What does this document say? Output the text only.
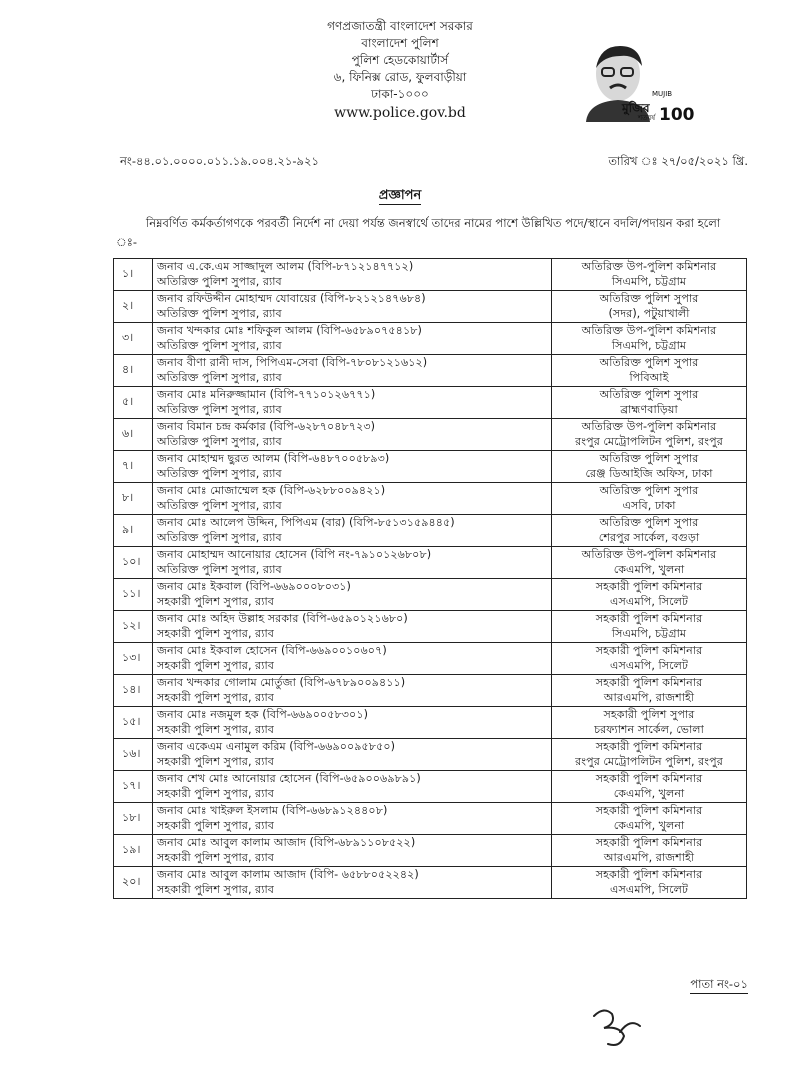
গণপ্রজাতন্ত্রী বাংলাদেশ সরকার
বাংলাদেশ পুলিশ
পুলিশ হেডকোয়ার্টার্স
৬, ফিনিক্স রোড, ফুলবাড়ীয়া
ঢাকা-১০০০
www.police.gov.bd	মুজিব
MUJIB
শতবর্ষ 100
নং-৪৪.০১.০০০০.০১১.১৯.০০৪.২১-৯২১	তারিখ ঃ ২৭/০৫/২০২১ খ্রি.
প্রজ্ঞাপন
নিম্নবর্ণিত কর্মকর্তাগণকে পরবর্তী নির্দেশ না দেয়া পর্যন্ত জনস্বার্থে তাদের নামের পাশে উল্লিখিত পদে/স্থানে বদলি/পদায়ন করা হলো ঃ-
১।	জনাব এ.কে.এম সাজ্জাদুল আলম (বিপি-৮৭১২১৪৭৭১২)
অতিরিক্ত পুলিশ সুপার, র‍্যাব	অতিরিক্ত উপ-পুলিশ কমিশনার
সিএমপি, চট্টগ্রাম

২।	জনাব রফিউদ্দীন মোহাম্মদ যোবায়ের (বিপি-৮২১২১৪৭৬৮৪)
অতিরিক্ত পুলিশ সুপার, র‍্যাব	অতিরিক্ত পুলিশ সুপার
(সদর), পটুয়াখালী

৩।	জনাব খন্দকার মোঃ শফিকুল আলম (বিপি-৬৫৮৯০৭৫৪১৮)
অতিরিক্ত পুলিশ সুপার, র‍্যাব	অতিরিক্ত উপ-পুলিশ কমিশনার
সিএমপি, চট্টগ্রাম

৪।	জনাব বীণা রানী দাস, পিপিএম-সেবা (বিপি-৭৮০৮১২১৬১২)
অতিরিক্ত পুলিশ সুপার, র‍্যাব	অতিরিক্ত পুলিশ সুপার
পিবিআই

৫।	জনাব মোঃ মনিরুজ্জামান (বিপি-৭৭১০১২৬৭৭১)
অতিরিক্ত পুলিশ সুপার, র‍্যাব	অতিরিক্ত পুলিশ সুপার
ব্রাহ্মণবাড়িয়া

৬।	জনাব বিমান চন্দ্র কর্মকার (বিপি-৬২৮৭০৪৮৭২৩)
অতিরিক্ত পুলিশ সুপার, র‍্যাব	অতিরিক্ত উপ-পুলিশ কমিশনার
রংপুর মেট্রোপলিটন পুলিশ, রংপুর

৭।	জনাব মোহাম্মদ ছুরত আলম (বিপি-৬৪৮৭০০৫৮৯৩)
অতিরিক্ত পুলিশ সুপার, র‍্যাব	অতিরিক্ত পুলিশ সুপার
রেঞ্জ ডিআইজি অফিস, ঢাকা

৮।	জনাব মোঃ মোজাম্মেল হক (বিপি-৬২৮৮০০৯৪২১)
অতিরিক্ত পুলিশ সুপার, র‍্যাব	অতিরিক্ত পুলিশ সুপার
এসবি, ঢাকা

৯।	জনাব মোঃ আলেপ উদ্দিন, পিপিএম (বার) (বিপি-৮৫১৩১৫৯৪৪৫)
অতিরিক্ত পুলিশ সুপার, র‍্যাব	অতিরিক্ত পুলিশ সুপার
শেরপুর সার্কেল, বগুড়া

১০।	জনাব মোহাম্মদ আনোয়ার হোসেন (বিপি নং-৭৯১০১২৬৮০৮)
অতিরিক্ত পুলিশ সুপার, র‍্যাব	অতিরিক্ত উপ-পুলিশ কমিশনার
কেএমপি, খুলনা

১১।	জনাব মোঃ ইকবাল (বিপি-৬৬৯০০০৮০৩১)
সহকারী পুলিশ সুপার, র‍্যাব	সহকারী পুলিশ কমিশনার
এসএমপি, সিলেট

১২।	জনাব মোঃ অহিদ উল্লাহ সরকার (বিপি-৬৫৯০১২১৬৮০)
সহকারী পুলিশ সুপার, র‍্যাব	সহকারী পুলিশ কমিশনার
সিএমপি, চট্টগ্রাম

১৩।	জনাব মোঃ ইকবাল হোসেন (বিপি-৬৬৯০০১০৬০৭)
সহকারী পুলিশ সুপার, র‍্যাব	সহকারী পুলিশ কমিশনার
এসএমপি, সিলেট

১৪।	জনাব খন্দকার গোলাম মোর্তুজা (বিপি-৬৭৮৯০০৯৪১১)
সহকারী পুলিশ সুপার, র‍্যাব	সহকারী পুলিশ কমিশনার
আরএমপি, রাজশাহী

১৫।	জনাব মোঃ নজমুল হক (বিপি-৬৬৯০০৫৮৩০১)
সহকারী পুলিশ সুপার, র‍্যাব	সহকারী পুলিশ সুপার
চরফ্যাশন সার্কেল, ভোলা

১৬।	জনাব একেএম এনামুল করিম (বিপি-৬৬৯০০৯৫৮৫০)
সহকারী পুলিশ সুপার, র‍্যাব	সহকারী পুলিশ কমিশনার
রংপুর মেট্রোপলিটন পুলিশ, রংপুর

১৭।	জনাব শেখ মোঃ আনোয়ার হোসেন (বিপি-৬৫৯০০৬৯৮৯১)
সহকারী পুলিশ সুপার, র‍্যাব	সহকারী পুলিশ কমিশনার
কেএমপি, খুলনা

১৮।	জনাব মোঃ খাইরুল ইসলাম (বিপি-৬৬৮৯১২৪৪০৮)
সহকারী পুলিশ সুপার, র‍্যাব	সহকারী পুলিশ কমিশনার
কেএমপি, খুলনা

১৯।	জনাব মোঃ আবুল কালাম আজাদ (বিপি-৬৮৯১১০৮৫২২)
সহকারী পুলিশ সুপার, র‍্যাব	সহকারী পুলিশ কমিশনার
আরএমপি, রাজশাহী

২০।	জনাব মোঃ আবুল কালাম আজাদ (বিপি- ৬৫৮৮০৫২২৪২)
সহকারী পুলিশ সুপার, র‍্যাব	সহকারী পুলিশ কমিশনার
এসএমপি, সিলেট
পাতা নং-০১
